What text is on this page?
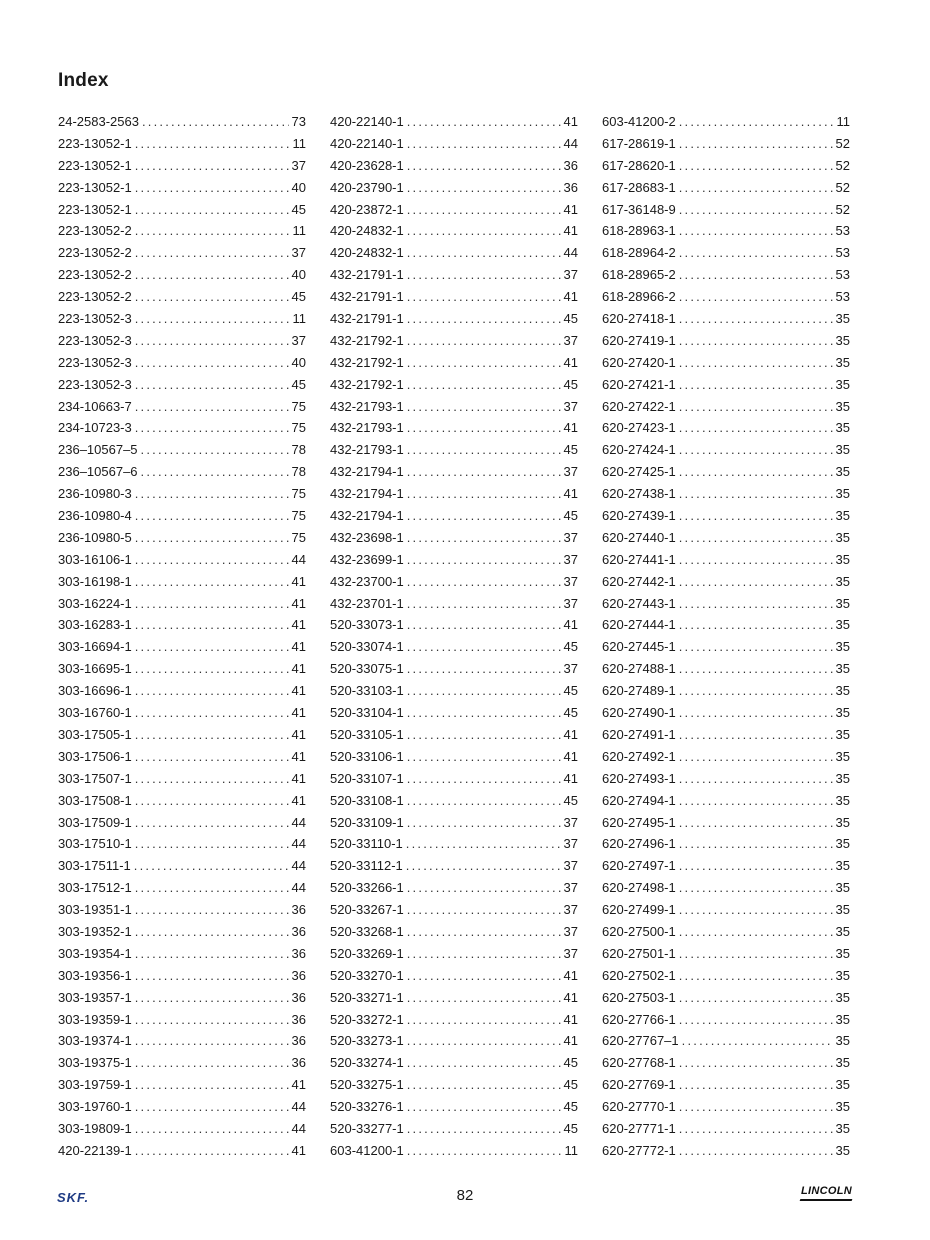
Index
24-2583-2563 .....	73
223-13052-1 .....	11
223-13052-1 .....	37
223-13052-1 .....	40
223-13052-1 .....	45
223-13052-2 .....	11
223-13052-2 .....	37
223-13052-2 .....	40
223-13052-2 .....	45
223-13052-3 .....	11
223-13052-3 .....	37
223-13052-3 .....	40
223-13052-3 .....	45
234-10663-7 .....	75
234-10723-3 .....	75
236–10567–5 .....	78
236–10567–6 .....	78
236-10980-3 .....	75
236-10980-4 .....	75
236-10980-5 .....	75
303-16106-1 .....	44
303-16198-1 .....	41
303-16224-1 .....	41
303-16283-1 .....	41
303-16694-1 .....	41
303-16695-1 .....	41
303-16696-1 .....	41
303-16760-1 .....	41
303-17505-1 .....	41
303-17506-1 .....	41
303-17507-1 .....	41
303-17508-1 .....	41
303-17509-1 .....	44
303-17510-1 .....	44
303-17511-1 .....	44
303-17512-1 .....	44
303-19351-1 .....	36
303-19352-1 .....	36
303-19354-1 .....	36
303-19356-1 .....	36
303-19357-1 .....	36
303-19359-1 .....	36
303-19374-1 .....	36
303-19375-1 .....	36
303-19759-1 .....	41
303-19760-1 .....	44
303-19809-1 .....	44
420-22139-1 .....	41
420-22140-1 .....	41
420-22140-1 .....	44
420-23628-1 .....	36
420-23790-1 .....	36
420-23872-1 .....	41
420-24832-1 .....	41
420-24832-1 .....	44
432-21791-1 .....	37
432-21791-1 .....	41
432-21791-1 .....	45
432-21792-1 .....	37
432-21792-1 .....	41
432-21792-1 .....	45
432-21793-1 .....	37
432-21793-1 .....	41
432-21793-1 .....	45
432-21794-1 .....	37
432-21794-1 .....	41
432-21794-1 .....	45
432-23698-1 .....	37
432-23699-1 .....	37
432-23700-1 .....	37
432-23701-1 .....	37
520-33073-1 .....	41
520-33074-1 .....	45
520-33075-1 .....	37
520-33103-1 .....	45
520-33104-1 .....	45
520-33105-1 .....	41
520-33106-1 .....	41
520-33107-1 .....	41
520-33108-1 .....	45
520-33109-1 .....	37
520-33110-1 .....	37
520-33112-1 .....	37
520-33266-1 .....	37
520-33267-1 .....	37
520-33268-1 .....	37
520-33269-1 .....	37
520-33270-1 .....	41
520-33271-1 .....	41
520-33272-1 .....	41
520-33273-1 .....	41
520-33274-1 .....	45
520-33275-1 .....	45
520-33276-1 .....	45
520-33277-1 .....	45
603-41200-1 .....	11
603-41200-2 .....	11
617-28619-1 .....	52
617-28620-1 .....	52
617-28683-1 .....	52
617-36148-9 .....	52
618-28963-1 .....	53
618-28964-2 .....	53
618-28965-2 .....	53
618-28966-2 .....	53
620-27418-1 .....	35
620-27419-1 .....	35
620-27420-1 .....	35
620-27421-1 .....	35
620-27422-1 .....	35
620-27423-1 .....	35
620-27424-1 .....	35
620-27425-1 .....	35
620-27438-1 .....	35
620-27439-1 .....	35
620-27440-1 .....	35
620-27441-1 .....	35
620-27442-1 .....	35
620-27443-1 .....	35
620-27444-1 .....	35
620-27445-1 .....	35
620-27488-1 .....	35
620-27489-1 .....	35
620-27490-1 .....	35
620-27491-1 .....	35
620-27492-1 .....	35
620-27493-1 .....	35
620-27494-1 .....	35
620-27495-1 .....	35
620-27496-1 .....	35
620-27497-1 .....	35
620-27498-1 .....	35
620-27499-1 .....	35
620-27500-1 .....	35
620-27501-1 .....	35
620-27502-1 .....	35
620-27503-1 .....	35
620-27766-1 .....	35
620-27767–1 .....	35
620-27768-1 .....	35
620-27769-1 .....	35
620-27770-1 .....	35
620-27771-1 .....	35
620-27772-1 .....	35
SKF.	82	LINCOLN
